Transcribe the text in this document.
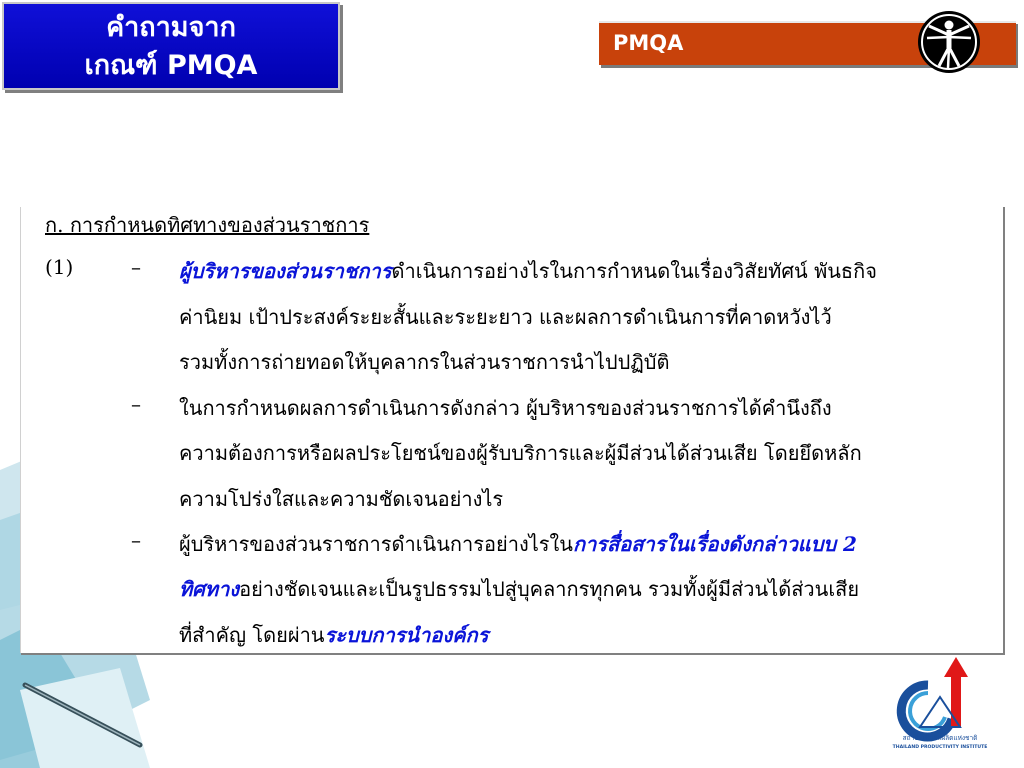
คำถามจาก
เกณฑ์ PMQA
PMQA
ก. การกำหนดทิศทางของส่วนราชการ
(1)	– ผู้บริหารของส่วนราชการดำเนินการอย่างไรในการกำหนดในเรื่องวิสัยทัศน์ พันธกิจ
ค่านิยม เป้าประสงค์ระยะสั้นและระยะยาว และผลการดำเนินการที่คาดหวังไว้
รวมทั้งการถ่ายทอดให้บุคลากรในส่วนราชการนำไปปฏิบัติ
– ในการกำหนดผลการดำเนินการดังกล่าว ผู้บริหารของส่วนราชการได้คำนึงถึง
ความต้องการหรือผลประโยชน์ของผู้รับบริการและผู้มีส่วนได้ส่วนเสีย โดยยึดหลัก
ความโปร่งใสและความชัดเจนอย่างไร
– ผู้บริหารของส่วนราชการดำเนินการอย่างไรในการสื่อสารในเรื่องดังกล่าวแบบ 2
ทิศทางอย่างชัดเจนและเป็นรูปธรรมไปสู่บุคลากรทุกคน รวมทั้งผู้มีส่วนได้ส่วนเสีย
ที่สำคัญ โดยผ่านระบบการนำองค์กร
สถาบันเพิ่มผลผลิตแห่งชาติ
THAILAND PRODUCTIVITY INSTITUTE
